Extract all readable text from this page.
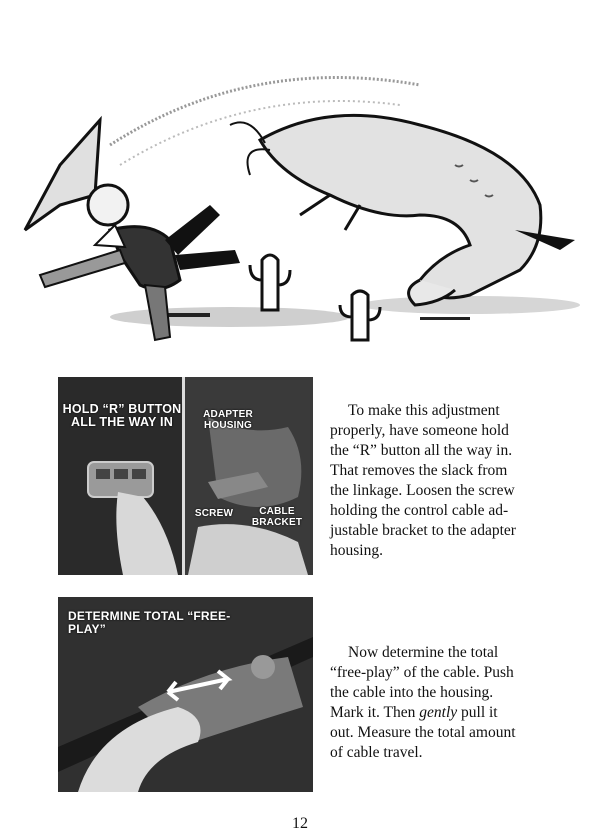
HOLD “R” BUTTON ALL THE WAY IN
ADAPTER HOUSING
SCREW	CABLE BRACKET
To make this adjustment
properly, have someone hold
the “R” button all the way in.
That removes the slack from
the linkage. Loosen the screw
holding the control cable ad-
justable bracket to the adapter
housing.
DETERMINE TOTAL “FREE-PLAY”
Now determine the total
“free-play” of the cable. Push
the cable into the housing.
Mark it. Then gently pull it
out. Measure the total amount
of cable travel.
12
